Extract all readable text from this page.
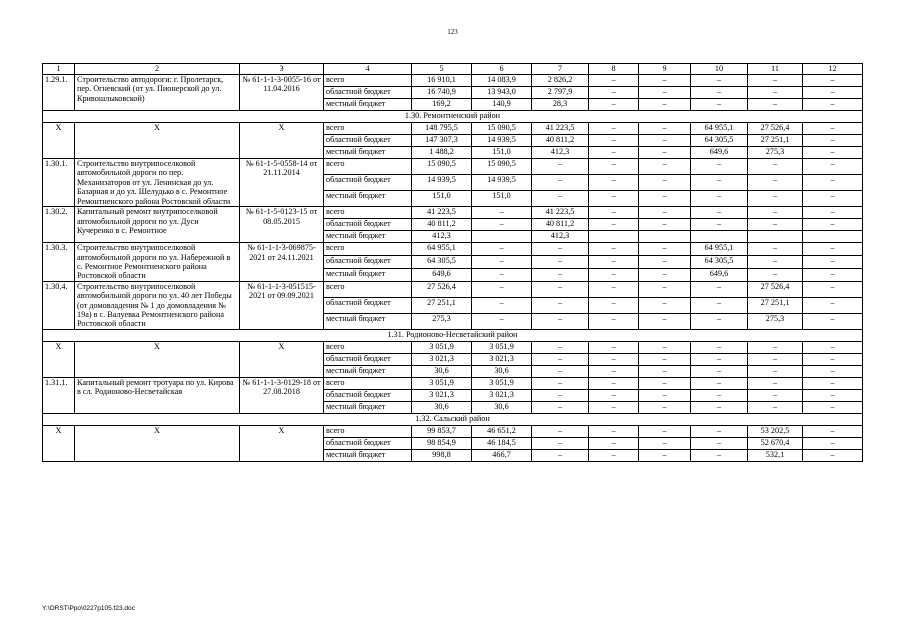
123
1	2	3	4	5	6	7	8	9	10	11	12
1.29.1.	Строительство автодороги: г. Пролетарск, пер. Огневский (от ул. Пионерской до ул. Кривошлыковской)	№ 61-1-1-3-0055-16 от 11.04.2016	всего	16 910,1	14 083,9	2 826,2	–	–	–	–	–
			областной бюджет	16 740,9	13 943,0	2 797,9	–	–	–	–	–
			местный бюджет	169,2	140,9	28,3	–	–	–	–	–
1.30. Ремонтненский район											
Х	Х	Х	всего	148 795,5	15 090,5	41 223,5	–	–	64 955,1	27 526,4	–
			областной бюджет	147 307,3	14 939,5	40 811,2	–	–	64 305,5	27 251,1	–
			местный бюджет	1 488,2	151,0	412,3	–	–	649,6	275,3	–
1.30.1.	Строительство внутрипоселковой автомобильной дороги по пер. Механизаторов от ул. Ленинская до ул. Базарная и до ул. Шелудько в с. Ремонтное Ремонтненского района Ростовской области	№ 61-1-5-0558-14 от 21.11.2014	всего	15 090,5	15 090,5	–	–	–	–	–	–
			областной бюджет	14 939,5	14 939,5	–	–	–	–	–	–
			местный бюджет	151,0	151,0	–	–	–	–	–	–
1.30.2.	Капитальный ремонт внутрипоселковой автомобильной дороги по ул. Дуси Кучеренко в с. Ремонтное	№ 61-1-5-0123-15 от 08.05.2015	всего	41 223,5	–	41 223,5	–	–	–	–	–
			областной бюджет	40 811,2	–	40 811,2	–	–	–	–	–
			местный бюджет	412,3		412,3					
1.30.3.	Строительство внутрипоселковой автомобильной дороги по ул. Набережной в с. Ремонтное Ремонтненского района Ростовской области	№ 61-1-1-3-069875-2021 от 24.11.2021	всего	64 955,1	–	–	–	–	64 955,1	–	–
			областной бюджет	64 305,5	–	–	–	–	64 305,5	–	–
			местный бюджет	649,6	–	–	–	–	649,6	–	–
1.30.4.	Строительство внутрипоселковой автомобильной дороги по ул. 40 лет Победы (от домовладения № 1 до домовладения № 19а) в с. Валуевка Ремонтненского района Ростовской области	№ 61-1-1-3-051515-2021 от 09.09.2021	всего	27 526,4	–	–	–	–	–	27 526,4	–
			областной бюджет	27 251,1	–	–	–	–	–	27 251,1	–
			местный бюджет	275,3	–	–	–	–	–	275,3	–
1.31. Родионово-Несветайский район											
Х	Х	Х	всего	3 051,9	3 051,9	–	–	–	–	–	–
			областной бюджет	3 021,3	3 021,3	–	–	–	–	–	–
			местный бюджет	30,6	30,6	–	–	–	–	–	–
1.31.1.	Капитальный ремонт тротуара по ул. Кирова в сл. Родионово-Несветайская	№ 61-1-1-3-0129-18 от 27.08.2018	всего	3 051,9	3 051,9	–	–	–	–	–	–
			областной бюджет	3 021,3	3 021,3	–	–	–	–	–	–
			местный бюджет	30,6	30,6	–	–	–	–	–	–
1.32. Сальский район											
Х	Х	Х	всего	99 853,7	46 651,2	–	–	–	–	53 202,5	–
			областной бюджет	98 854,9	46 184,5	–	–	–	–	52 670,4	–
			местный бюджет	998,8	466,7	–	–	–	–	532,1	–
Y:\ORST\Ppo\0227p105.f23.doc
